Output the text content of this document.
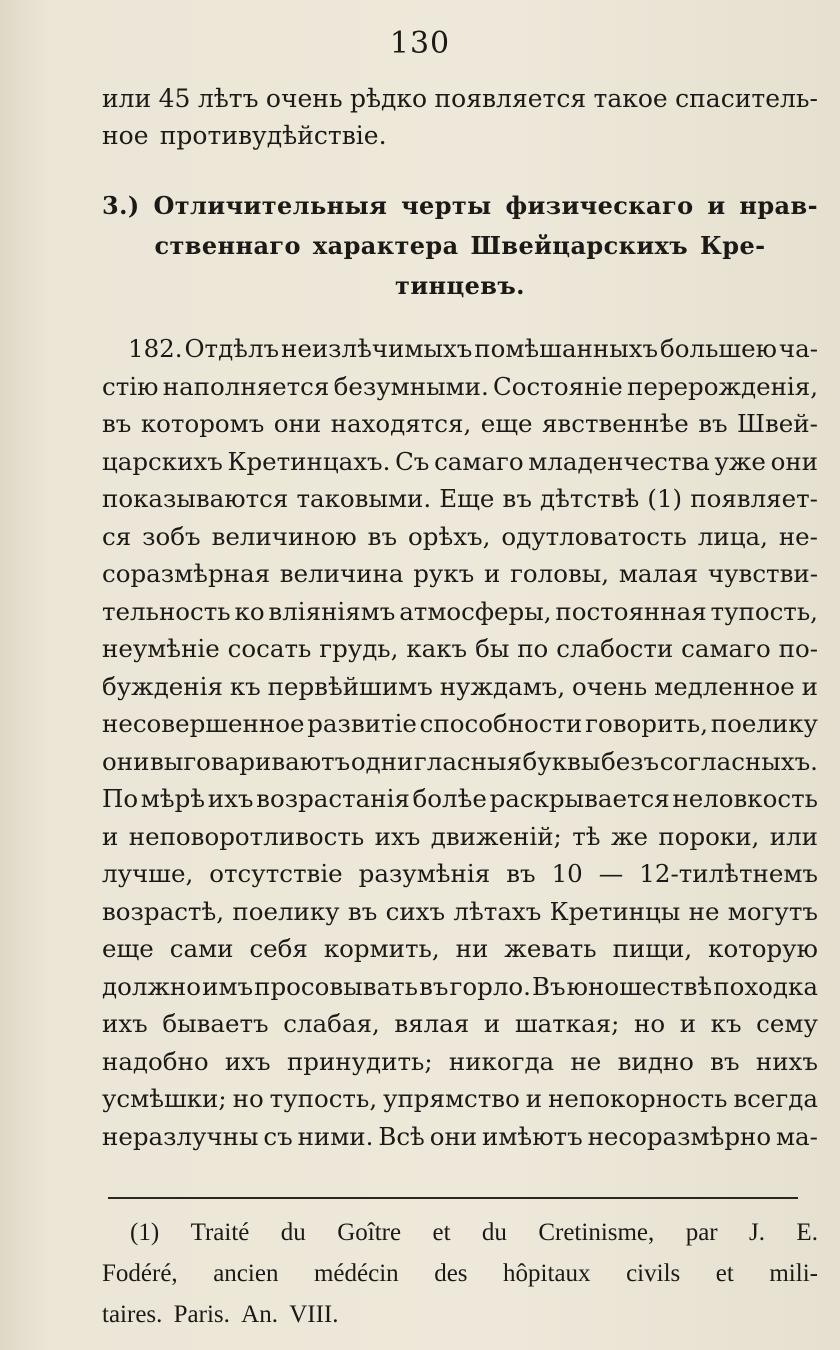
130
или 45 лѣтъ очень рѣдко появляется такое спаситель-
ное противудѣйствіе.
3.) Отличительныя черты физическаго и нрав-
ственнаго характера Швейцарскихъ Кре-
тинцевъ.
182. Отдѣлъ неизлѣчимыхъ помѣшанныхъ большею ча-
стію наполняется безумными. Состояніе перерожденія,
въ которомъ они находятся, еще явственнѣе въ Швей-
царскихъ Кретинцахъ. Съ самаго младенчества уже они
показываются таковыми. Еще въ дѣтствѣ (1) появляет-
ся зобъ величиною въ орѣхъ, одутловатость лица, не-
соразмѣрная величина рукъ и головы, малая чувстви-
тельность ко вліяніямъ атмосферы, постоянная тупость,
неумѣніе сосать грудь, какъ бы по слабости самаго по-
бужденія къ первѣйшимъ нуждамъ, очень медленное и
несовершенное развитіе способности говорить, поелику
они выговариваютъ одни гласныя буквы безъ согласныхъ.
По мѣрѣ ихъ возрастанія болѣе раскрывается неловкость
и неповоротливость ихъ движеній; тѣ же пороки, или
лучше, отсутствіе разумѣнія въ 10 — 12-тилѣтнемъ
возрастѣ, поелику въ сихъ лѣтахъ Кретинцы не могутъ
еще сами себя кормить, ни жевать пищи, которую
должно имъ просовывать въ горло. Въ юношествѣ походка
ихъ бываетъ слабая, вялая и шаткая; но и къ сему
надобно ихъ принудить; никогда не видно въ нихъ
усмѣшки; но тупость, упрямство и непокорность всегда
неразлучны съ ними. Всѣ они имѣютъ несоразмѣрно ма-
(1) Traité du Goître et du Cretinisme, par J. E.
Fodéré, ancien médécin des hôpitaux civils et mili-
taires. Paris. An. VIII.
